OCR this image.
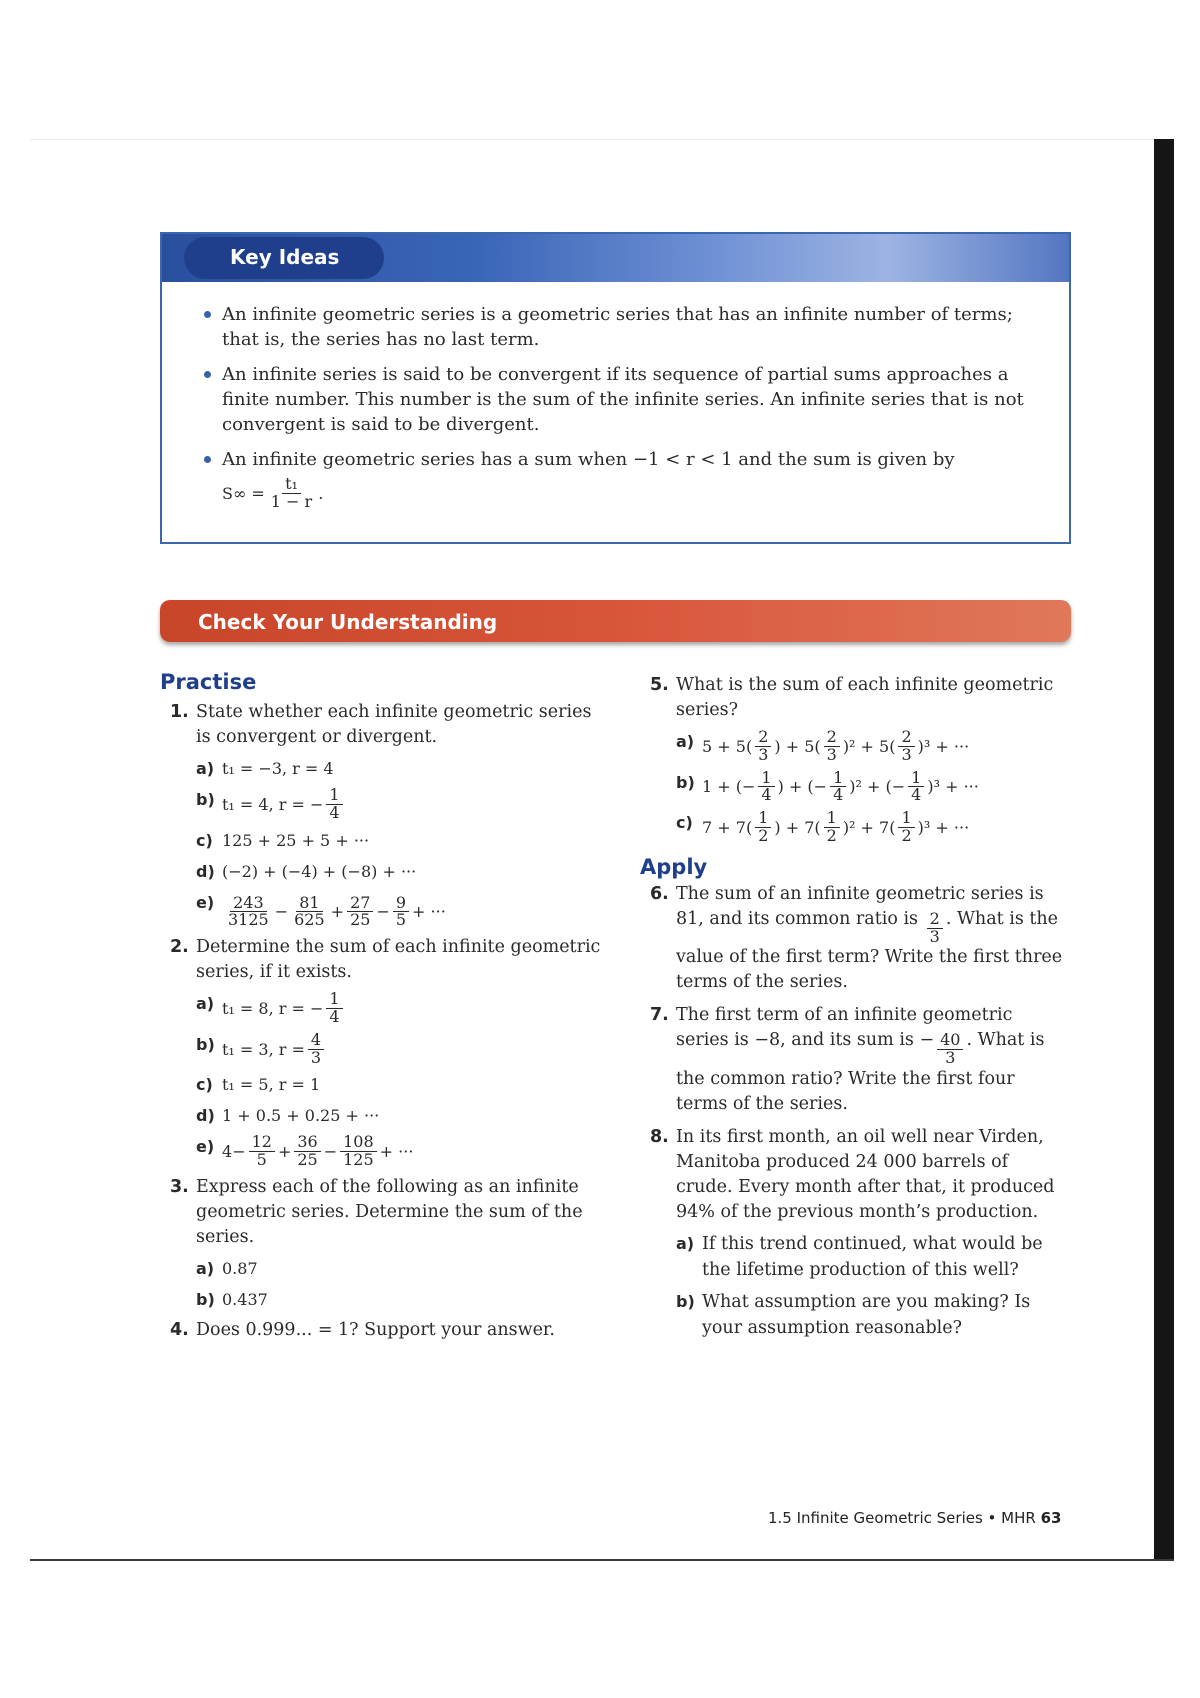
Key Ideas
An infinite geometric series is a geometric series that has an infinite number of terms; that is, the series has no last term.
An infinite series is said to be convergent if its sequence of partial sums approaches a finite number. This number is the sum of the infinite series. An infinite series that is not convergent is said to be divergent.
An infinite geometric series has a sum when −1 < r < 1 and the sum is given by
$S\infty = \frac{\text{t₁}}{1 - r}$ .
Check Your Understanding
Practise
1. State whether each infinite geometric series is convergent or divergent.
a) t₁ = −3, r = 4
b) t₁ = 4, r = − $\frac{1}{4}$
c) 125 + 25 + 5 + ···
d) (−2) + (−4) + (−8) + ···
$e) \frac{243}{3125} - \frac{81}{625} + \frac{27}{25} - \frac{9}{5}$ + ···
2. Determine the sum of each infinite geometric series, if it exists.
a) t₁ = 8, r = − $\frac{1}{4}$
b) t₁ = 3, $r = \frac{4}{3}$
c) t₁ = 5, r = 1
d) 1 + 0.5 + 0.25 + ···
e) $4 - \frac{12}{5} + \frac{36}{25} - \frac{108}{125}$ + ···
3. Express each of the following as an infinite geometric series. Determine the sum of the series.
a) 0.87
b) 0.437
4. Does 0.999... = 1? Support your answer.
5. What is the sum of each infinite geometric series?
a) $5 + 5( \frac{2}{3}$ ) + $5( \frac{2}{3} )^2 + 5( \frac{2}{3} )^3$ + ···
b) 1 + (− $\frac{1}{4}$ ) + (− $\frac{1}{4} )^2$ + (− $\frac{1}{4} )^3$ + ···
c) $7 + 7( \frac{1}{2}$ ) + $7( \frac{1}{2} )^2 + 7( \frac{1}{2} )^3$ + ···
Apply
6. The sum of an infinite geometric series is 81, and its common ratio is $\frac{2}{3}$ . What is the value of the first term? Write the first three terms of the series.
7. The first term of an infinite geometric series is −8, and its sum is − $\frac{40}{3}$ . What is the common ratio? Write the first four terms of the series.
8. In its first month, an oil well near Virden, Manitoba produced 24 000 barrels of crude. Every month after that, it produced 94% of the previous month’s production.
a) If this trend continued, what would be the lifetime production of this well?
b) What assumption are you making? Is your assumption reasonable?
1.5 Infinite Geometric Series • MHR 63
